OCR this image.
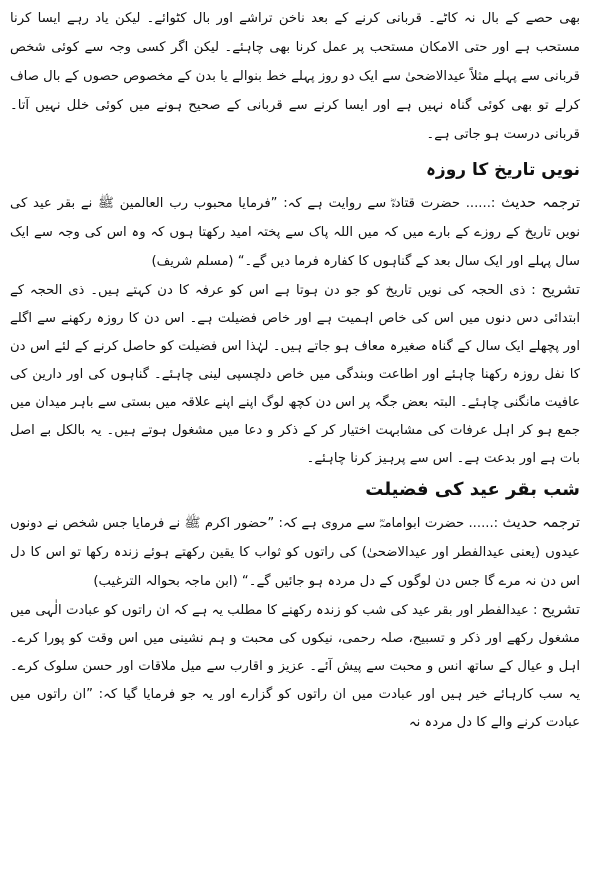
بھی حصے کے بال نہ کاٹے۔ قربانی کرنے کے بعد ناخن تراشے اور بال کٹوائے۔ لیکن یاد رہے ایسا کرنا مستحب ہے اور حتی الامکان مستحب پر عمل کرنا بھی چاہئے۔ لیکن اگر کسی وجہ سے کوئی شخص قربانی سے پہلے مثلاً عیدالاضحیٰ سے ایک دو روز پہلے خط بنوالے یا بدن کے مخصوص حصوں کے بال صاف کرلے تو بھی کوئی گناہ نہیں ہے اور ایسا کرنے سے قربانی کے صحیح ہونے میں کوئی خلل نہیں آتا۔ قربانی درست ہو جاتی ہے۔

نویں تاریخ کا روزہ

ترجمہ حدیث :...... حضرت قتادہؓ سے روایت ہے کہ: ”فرمایا محبوب رب العالمین ﷺ نے بقر عید کی نویں تاریخ کے روزے کے بارے میں کہ میں اللہ پاک سے پختہ امید رکھتا ہوں کہ وہ اس کی وجہ سے ایک سال پہلے اور ایک سال بعد کے گناہوں کا کفارہ فرما دیں گے۔“ (مسلم شریف)

تشریح : ذی الحجہ کی نویں تاریخ کو جو دن ہوتا ہے اس کو عرفہ کا دن کہتے ہیں۔ ذی الحجہ کے ابتدائی دس دنوں میں اس کی خاص اہمیت ہے اور خاص فضیلت ہے۔ اس دن کا روزہ رکھنے سے اگلے اور پچھلے ایک سال کے گناہ صغیرہ معاف ہو جاتے ہیں۔ لہٰذا اس فضیلت کو حاصل کرنے کے لئے اس دن کا نفل روزہ رکھنا چاہئے اور اطاعت وبندگی میں خاص دلچسپی لینی چاہئے۔ گناہوں کی اور دارین کی عافیت مانگنی چاہئے۔ البتہ بعض جگہ پر اس دن کچھ لوگ اپنے اپنے علاقہ میں بستی سے باہر میدان میں جمع ہو کر اہل عرفات کی مشابہت اختیار کر کے ذکر و دعا میں مشغول ہوتے ہیں۔ یہ بالکل بے اصل بات ہے اور بدعت ہے۔ اس سے پرہیز کرنا چاہئے۔

شب بقر عید کی فضیلت

ترجمہ حدیث :...... حضرت ابوامامہؓ سے مروی ہے کہ: ”حضور اکرم ﷺ نے فرمایا جس شخص نے دونوں عیدوں (یعنی عیدالفطر اور عیدالاضحیٰ) کی راتوں کو ثواب کا یقین رکھتے ہوئے زندہ رکھا تو اس کا دل اس دن نہ مرے گا جس دن لوگوں کے دل مردہ ہو جائیں گے۔“ (ابن ماجہ بحوالہ الترغیب)

تشریح : عیدالفطر اور بقر عید کی شب کو زندہ رکھنے کا مطلب یہ ہے کہ ان راتوں کو عبادت الٰہی میں مشغول رکھے اور ذکر و تسبیح، صلہ رحمی، نیکوں کی محبت و ہم نشینی میں اس وقت کو پورا کرے۔ اہل و عیال کے ساتھ انس و محبت سے پیش آئے۔ عزیز و اقارب سے میل ملاقات اور حسن سلوک کرے۔ یہ سب کارہائے خیر ہیں اور عبادت میں ان راتوں کو گزارے اور یہ جو فرمایا گیا کہ: ”ان راتوں میں عبادت کرنے والے کا دل مردہ نہ
